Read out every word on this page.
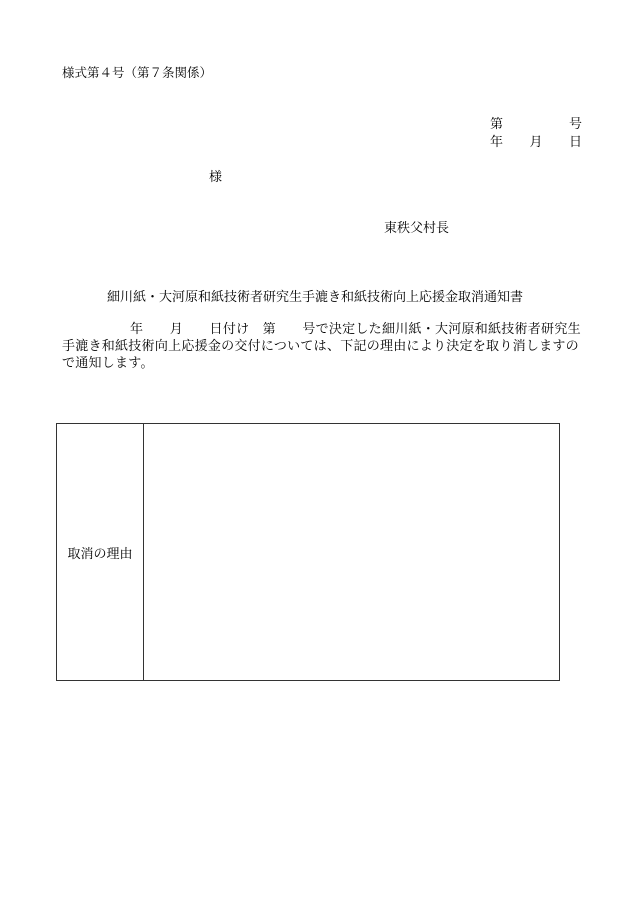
様式第４号（第７条関係）
第	号
年 月 日
様
東秩父村長
細川紙・大河原和紙技術者研究生手漉き和紙技術向上応援金取消通知書
年　　月　　日付け　第　　号で決定した細川紙・大河原和紙技術者研究生
手漉き和紙技術向上応援金の交付については、下記の理由により決定を取り消しますので通知します。
取消の理由
